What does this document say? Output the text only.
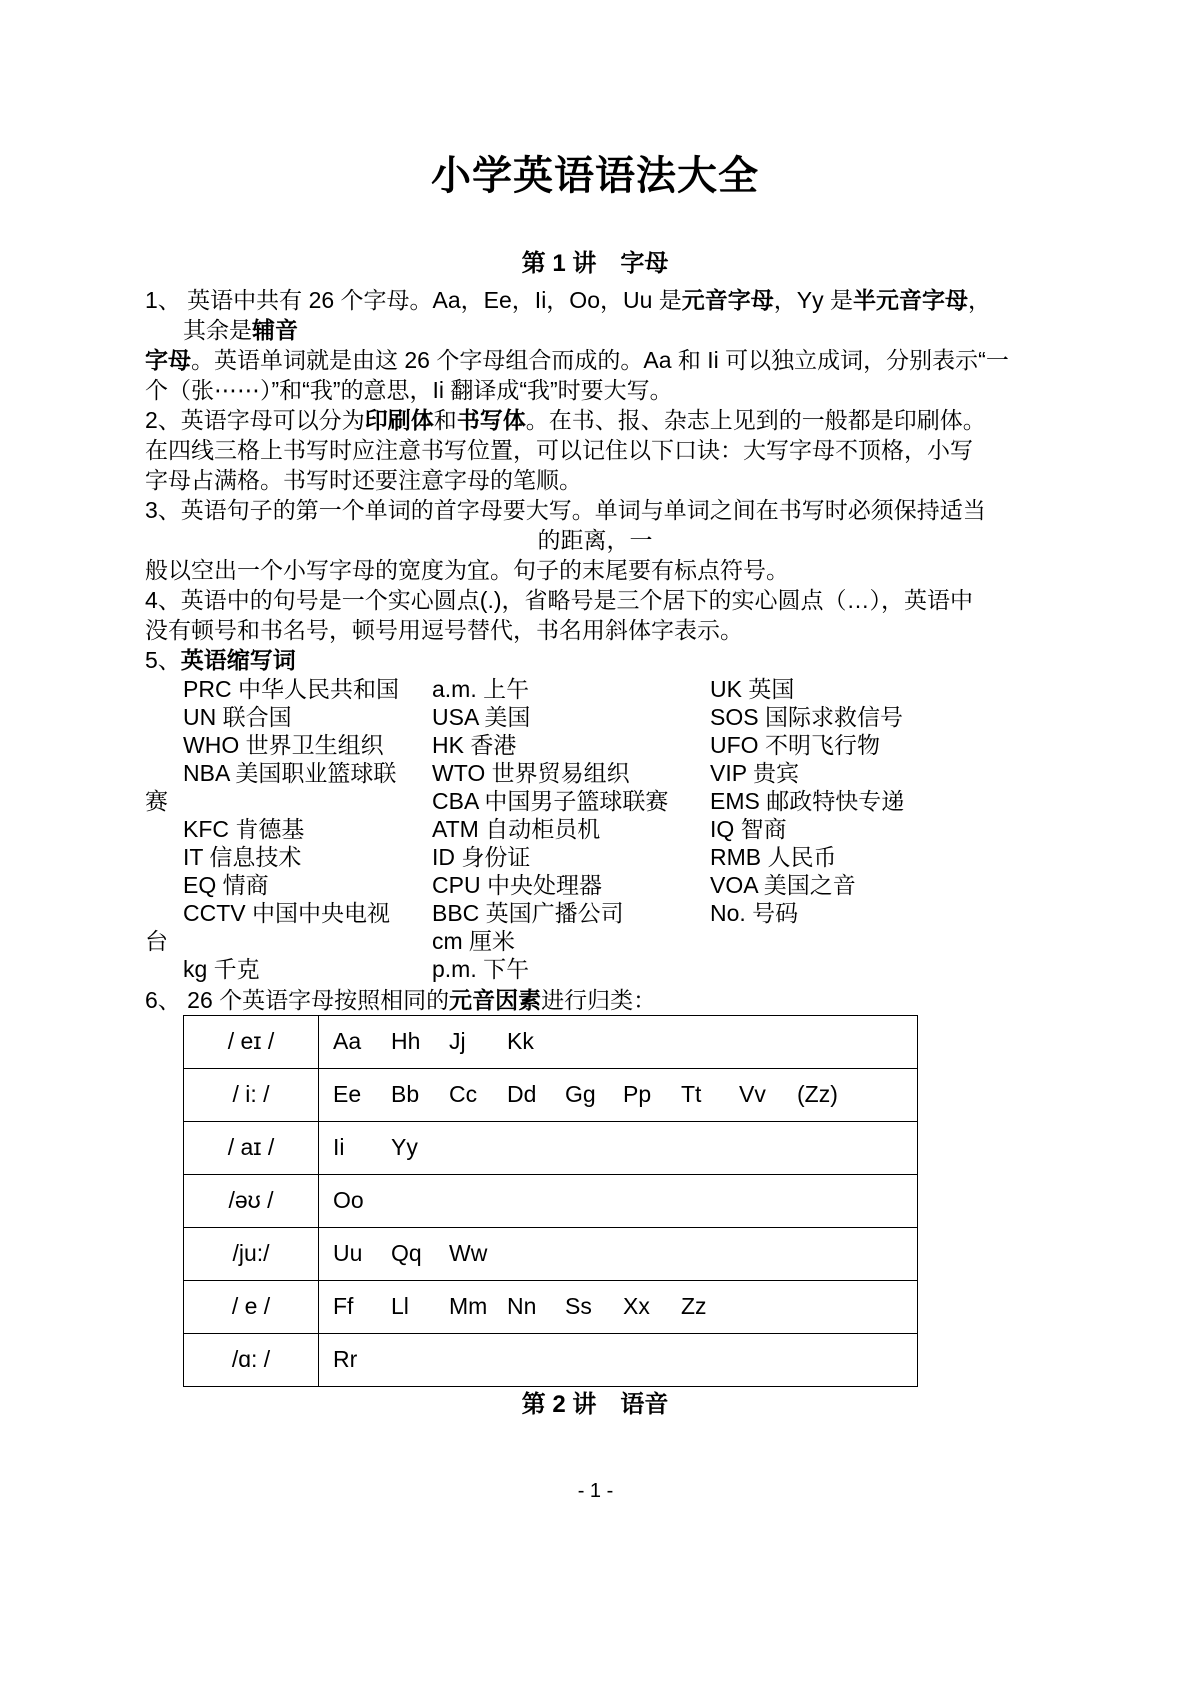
小学英语语法大全
第 1 讲　字母
1、 英语中共有 26 个字母。Aa，Ee，Ii，Oo，Uu 是元音字母，Yy 是半元音字母，
其余是辅音
字母。英语单词就是由这 26 个字母组合而成的。Aa 和 Ii 可以独立成词，分别表示“一
个（张⋯⋯）”和“我”的意思，Ii 翻译成“我”时要大写。
2、英语字母可以分为印刷体和书写体。在书、报、杂志上见到的一般都是印刷体。
在四线三格上书写时应注意书写位置，可以记住以下口诀：大写字母不顶格，小写
字母占满格。书写时还要注意字母的笔顺。
3、英语句子的第一个单词的首字母要大写。单词与单词之间在书写时必须保持适当
的距离，一
般以空出一个小写字母的宽度为宜。句子的末尾要有标点符号。
4、英语中的句号是一个实心圆点(.)，省略号是三个居下的实心圆点（…），英语中
没有顿号和书名号，顿号用逗号替代，书名用斜体字表示。
5、英语缩写词
PRC 中华人民共和国	a.m. 上午	UK 英国
UN 联合国	USA 美国	SOS 国际求救信号
WHO 世界卫生组织	HK 香港	UFO 不明飞行物
NBA 美国职业篮球联	WTO 世界贸易组织	VIP 贵宾
赛	CBA 中国男子篮球联赛	EMS 邮政特快专递
KFC 肯德基	ATM 自动柜员机	IQ 智商
IT 信息技术	ID 身份证	RMB 人民币
EQ 情商	CPU 中央处理器	VOA 美国之音
CCTV 中国中央电视	BBC 英国广播公司	No. 号码
台	cm 厘米
kg 千克	p.m. 下午
6、 26 个英语字母按照相同的元音因素进行归类：
/ eɪ /	Aa Hh Jj Kk
/ i: /	Ee Bb Cc Dd Gg Pp Tt Vv (Zz)
/ aɪ /	Ii Yy
/əʊ /	Oo
/ju:/	Uu Qq Ww
/ e /	Ff Ll Mm Nn Ss Xx Zz
/ɑ: /	Rr
第 2 讲　语音
- 1 -
